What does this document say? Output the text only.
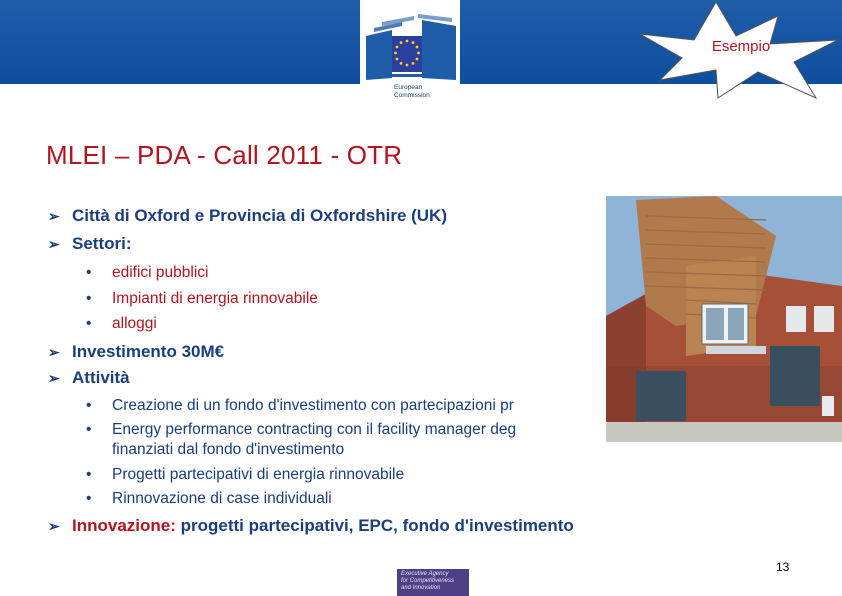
European
Commission
Esempio
MLEI – PDA - Call 2011 - OTR
➢ Città di Oxford e Provincia di Oxfordshire (UK)
➢ Settori:
• edifici pubblici
• Impianti di energia rinnovabile
• alloggi
➢ Investimento 30M€
➢ Attività
• Creazione di un fondo d'investimento con partecipazioni pr
• Energy performance contracting con il facility manager deg
finanziati dal fondo d'investimento
• Progetti partecipativi di energia rinnovabile
• Rinnovazione di case individuali
➢ Innovazione: progetti partecipativi, EPC, fondo d'investimento
Executive Agency
for Competitiveness
and Innovation
13
